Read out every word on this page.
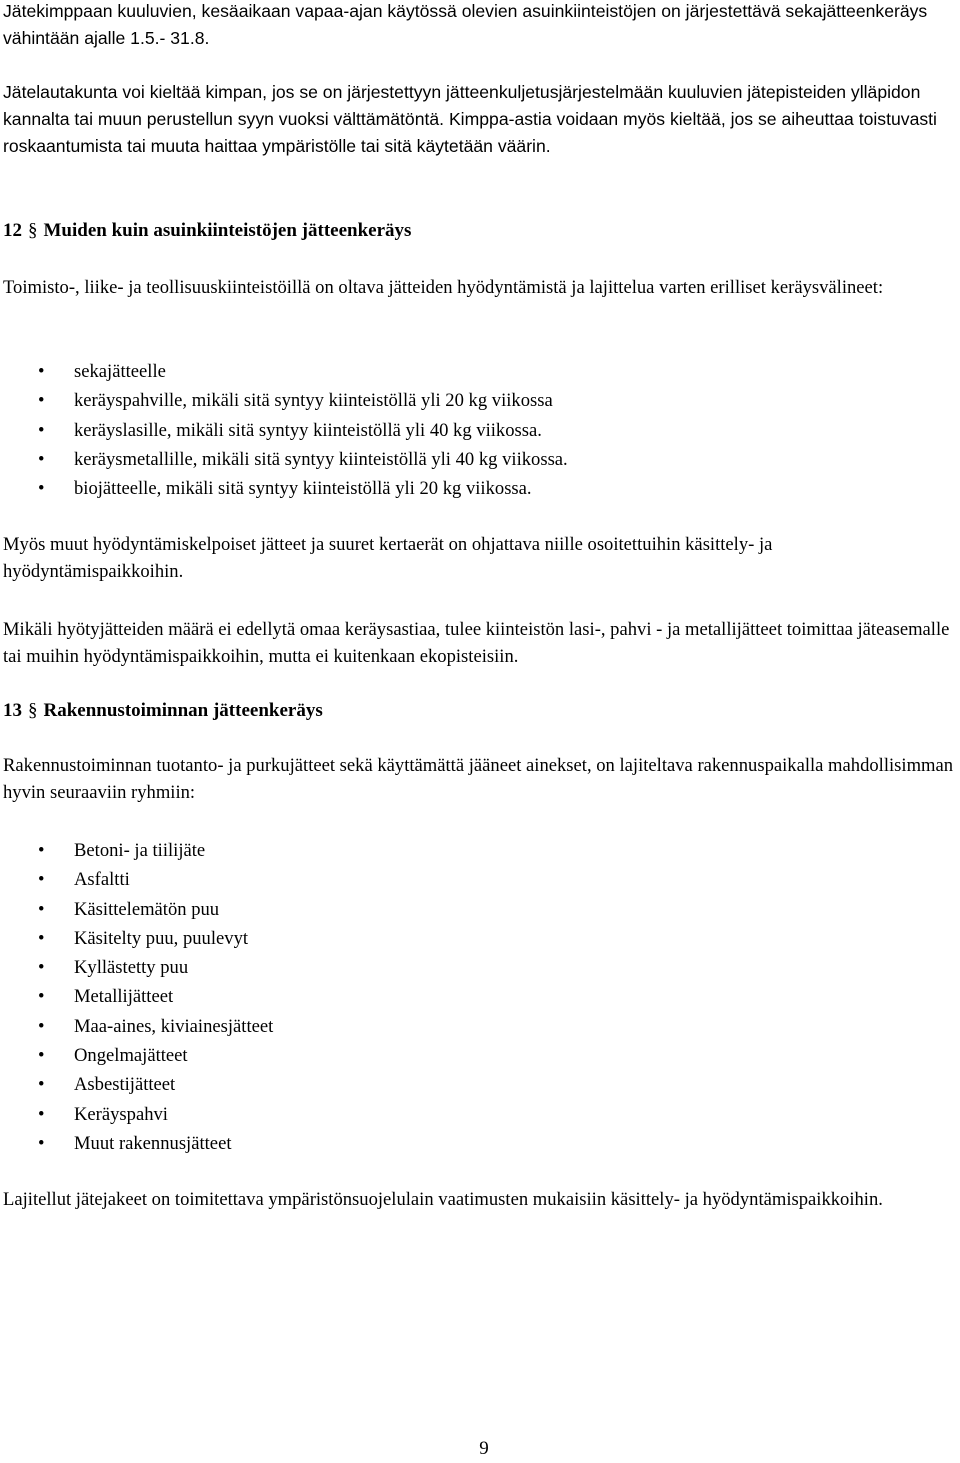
Jätekimppaan kuuluvien, kesäaikaan vapaa-ajan käytössä olevien asuinkiinteistöjen on järjestettävä sekajätteenkeräys vähintään ajalle 1.5.- 31.8.

Jätelautakunta voi kieltää kimpan, jos se on järjestettyyn jätteenkuljetusjärjestelmään kuuluvien jätepisteiden ylläpidon kannalta tai muun perustellun syyn vuoksi välttämätöntä. Kimppa-astia voidaan myös kieltää, jos se aiheuttaa toistuvasti roskaantumista tai muuta haittaa ympäristölle tai sitä käytetään väärin.

12 § Muiden kuin asuinkiinteistöjen jätteenkeräys

Toimisto-, liike- ja teollisuuskiinteistöillä on oltava jätteiden hyödyntämistä ja lajittelua varten erilliset keräysvälineet:

• sekajätteelle
• keräyspahville, mikäli sitä syntyy kiinteistöllä yli 20 kg viikossa
• keräyslasille, mikäli sitä syntyy kiinteistöllä yli 40 kg viikossa.
• keräysmetallille, mikäli sitä syntyy kiinteistöllä yli 40 kg viikossa.
• biojätteelle, mikäli sitä syntyy kiinteistöllä yli 20 kg viikossa.

Myös muut hyödyntämiskelpoiset jätteet ja suuret kertaerät on ohjattava niille osoitettuihin käsittely- ja hyödyntämispaikkoihin.

Mikäli hyötyjätteiden määrä ei edellytä omaa keräysastiaa, tulee kiinteistön lasi-, pahvi - ja metallijätteet toimittaa jäteasemalle tai muihin hyödyntämispaikkoihin, mutta ei kuitenkaan ekopisteisiin.

13 § Rakennustoiminnan jätteenkeräys

Rakennustoiminnan tuotanto- ja purkujätteet sekä käyttämättä jääneet ainekset, on lajiteltava rakennuspaikalla mahdollisimman hyvin seuraaviin ryhmiin:

• Betoni- ja tiilijäte
• Asfaltti
• Käsittelemätön puu
• Käsitelty puu, puulevyt
• Kyllästetty puu
• Metallijätteet
• Maa-aines, kiviainesjätteet
• Ongelmajätteet
• Asbestijätteet
• Keräyspahvi
• Muut rakennusjätteet

Lajitellut jätejakeet on toimitettava ympäristönsuojelulain vaatimusten mukaisiin käsittely- ja hyödyntämispaikkoihin.

9
